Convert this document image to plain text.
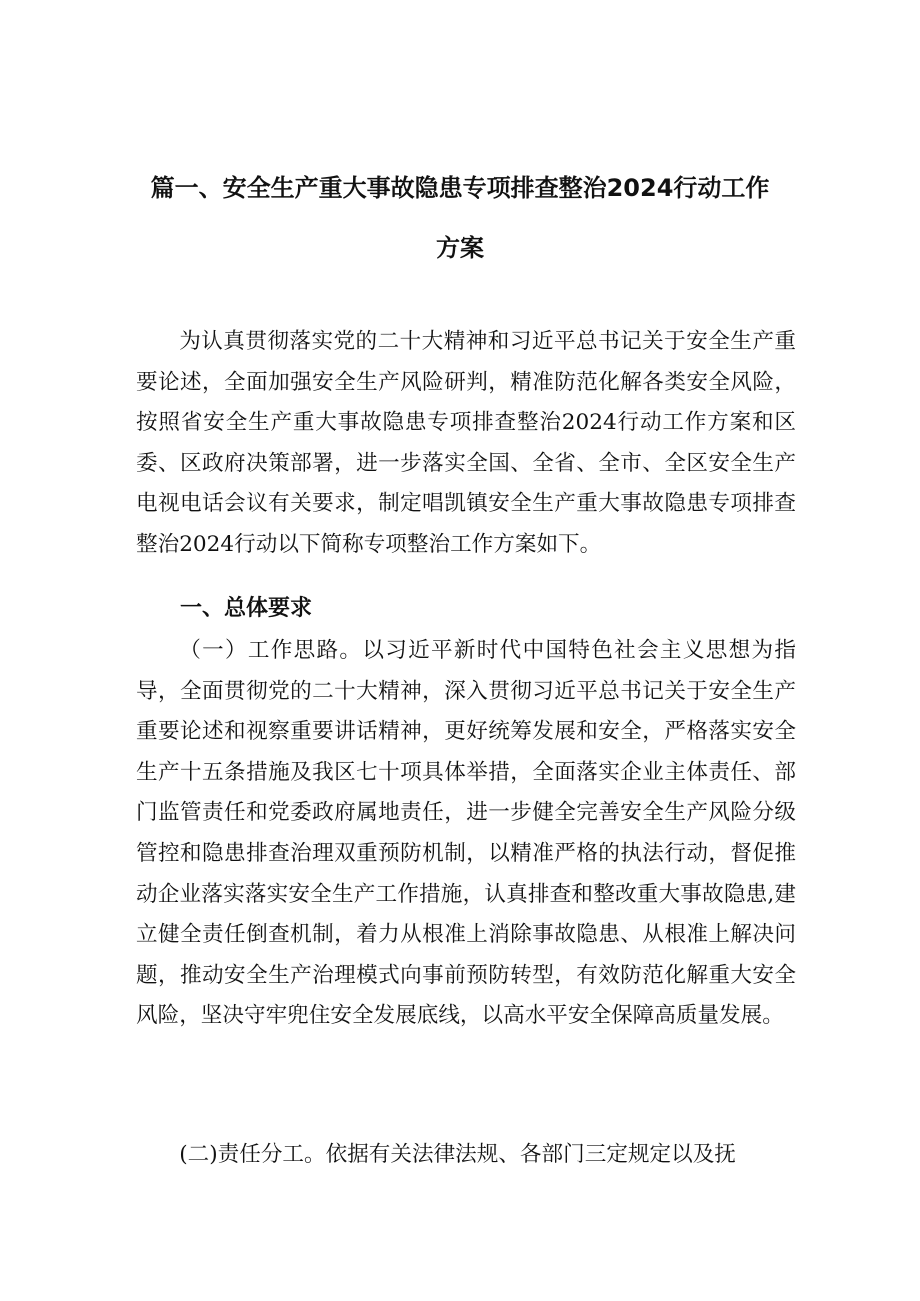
篇一、安全生产重大事故隐患专项排查整治2024行动工作
方案

为认真贯彻落实党的二十大精神和习近平总书记关于安全生产重要论述，全面加强安全生产风险研判，精准防范化解各类安全风险，按照省安全生产重大事故隐患专项排查整治2024行动工作方案和区委、区政府决策部署，进一步落实全国、全省、全市、全区安全生产电视电话会议有关要求，制定唱凯镇安全生产重大事故隐患专项排查整治2024行动以下简称专项整治工作方案如下。

一、总体要求

（一）工作思路。以习近平新时代中国特色社会主义思想为指导，全面贯彻党的二十大精神，深入贯彻习近平总书记关于安全生产重要论述和视察重要讲话精神，更好统筹发展和安全，严格落实安全生产十五条措施及我区七十项具体举措，全面落实企业主体责任、部门监管责任和党委政府属地责任，进一步健全完善安全生产风险分级管控和隐患排查治理双重预防机制，以精准严格的执法行动，督促推动企业落实落实安全生产工作措施，认真排查和整改重大事故隐患,建立健全责任倒查机制，着力从根准上消除事故隐患、从根准上解决问题，推动安全生产治理模式向事前预防转型，有效防范化解重大安全风险，坚决守牢兜住安全发展底线，以高水平安全保障高质量发展。

(二)责任分工。依据有关法律法规、各部门三定规定以及抚
